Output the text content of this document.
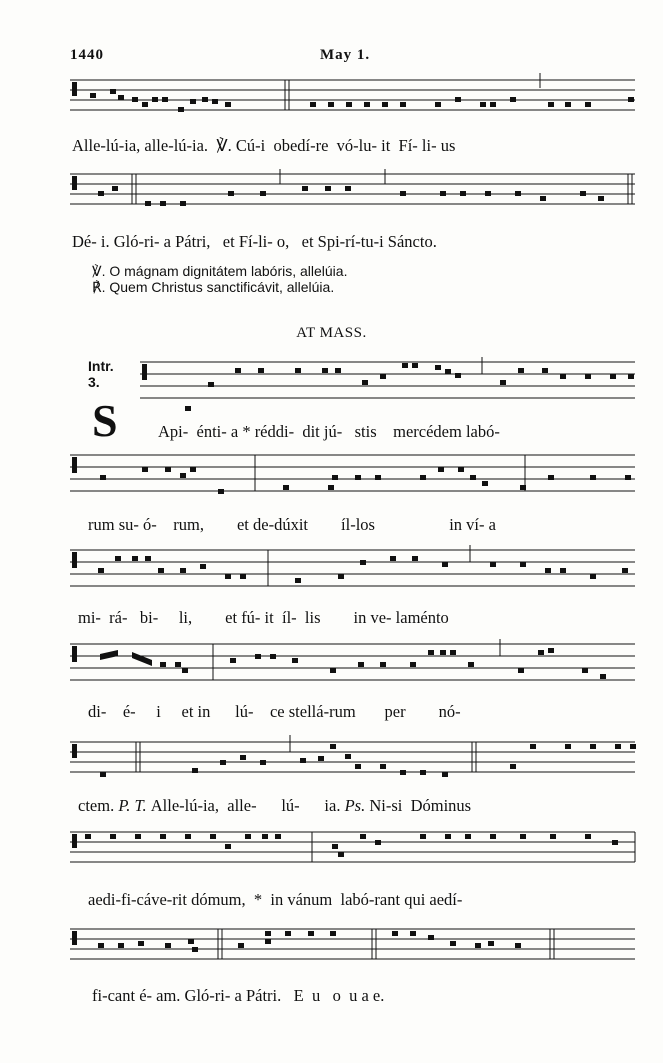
1440	May 1.
Alle-lú-ia,
alle-lú-ia.
℣. Cú-i
obedí-re
vó-lu- it
Fí- li- us
Dé- i.
Gló-ri- a
Pátri,
et
Fí-li- o,
et
Spi-rí-tu-i
Sáncto.
℣. O mágnam dignitátem labóris, allelúia.
℟. Quem Christus sanctificávit, allelúia.
AT MASS.
Intr.
3.
S Api-
énti- a
* réddi-
dit
jú-
stis
mercédem
labó-
rum
su- ó-
rum,
et
de-dúxit
íl-los
	in
ví- a
mi-
rá-
bi-
li,
et
fú- it
íl-
lis
in
ve- laménto
di-
é-
i
et in
lú-
ce
stellá-rum
per
nó-
ctem.
P. T.
Alle-lú-ia,
alle-
lú-
ia.
Ps.
Ni-si
Dóminus
aedi-fi-cáve-rit
dómum,
*
in
vánum
labó-rant
qui
aedí-
fi-cant
é- am.
Gló-ri- a
Pátri.
E
u
o
u
a
e.
